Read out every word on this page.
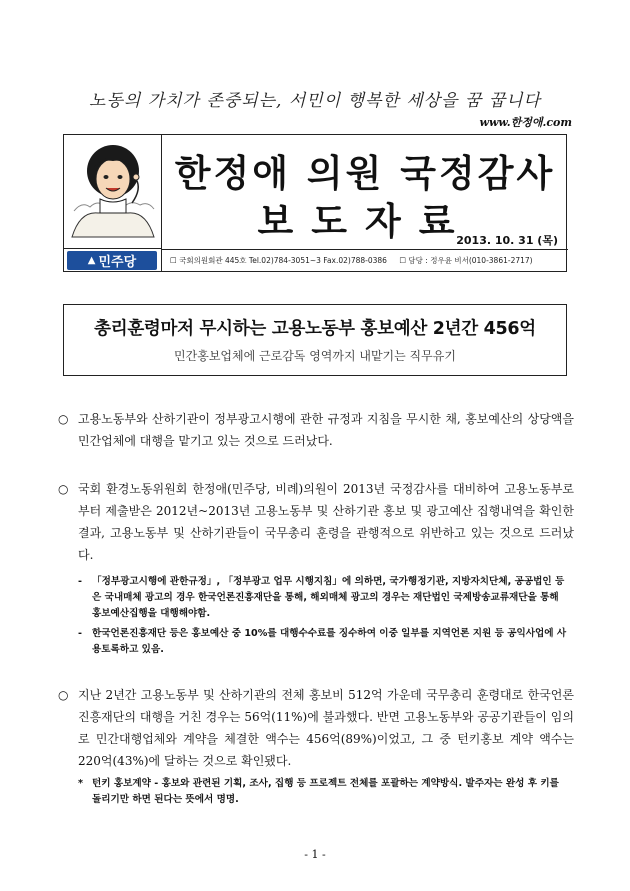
노동의 가치가 존중되는, 서민이 행복한 세상을 꿈 꿉니다
www.한정애.com
한정애 의원 국정감사
보도자료
2013. 10. 31 (목)
▲ 민주당	☐ 국회의원회관 445호 Tel.02)784-3051~3 Fax.02)788-0386 ☐ 담당 : 정우윤 비서(010-3861-2717)
총리훈령마저 무시하는 고용노동부 홍보예산 2년간 456억
민간홍보업체에 근로감독 영역까지 내맡기는 직무유기
○ 고용노동부와 산하기관이 정부광고시행에 관한 규정과 지침을 무시한 채, 홍보예산의 상당액을 민간업체에 대행을 맡기고 있는 것으로 드러났다.
○ 국회 환경노동위원회 한정애(민주당, 비례)의원이 2013년 국정감사를 대비하여 고용노동부로부터 제출받은 2012년~2013년 고용노동부 및 산하기관 홍보 및 광고예산 집행내역을 확인한 결과, 고용노동부 및 산하기관들이 국무총리 훈령을 관행적으로 위반하고 있는 것으로 드러났다.
- 「정부광고시행에 관한규정」, 「정부광고 업무 시행지침」에 의하면, 국가행정기관, 지방자치단체, 공공법인 등은 국내매체 광고의 경우 한국언론진흥재단을 통해, 해외매체 광고의 경우는 재단법인 국제방송교류재단을 통해 홍보예산집행을 대행해야함.
- 한국언론진흥재단 등은 홍보예산 중 10%를 대행수수료를 징수하여 이중 일부를 지역언론 지원 등 공익사업에 사용토록하고 있음.
○ 지난 2년간 고용노동부 및 산하기관의 전체 홍보비 512억 가운데 국무총리 훈령대로 한국언론진흥재단의 대행을 거친 경우는 56억(11%)에 불과했다. 반면 고용노동부와 공공기관들이 임의로 민간대행업체와 계약을 체결한 액수는 456억(89%)이었고, 그 중 턴키홍보 계약 액수는 220억(43%)에 달하는 것으로 확인됐다.
* 턴키 홍보계약 - 홍보와 관련된 기획, 조사, 집행 등 프로젝트 전체를 포괄하는 계약방식. 발주자는 완성 후 키를 돌리기만 하면 된다는 뜻에서 명명.
- 1 -
